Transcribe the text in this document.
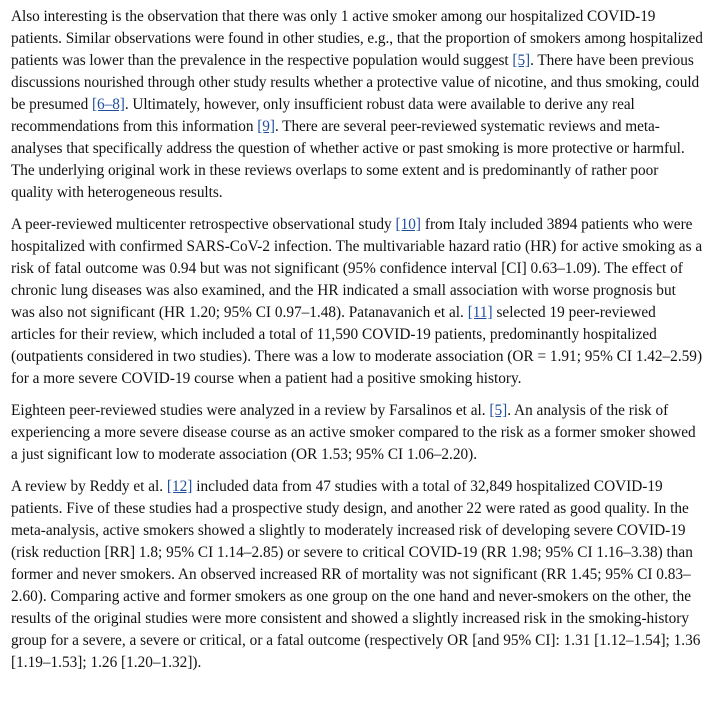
Also interesting is the observation that there was only 1 active smoker among our hospitalized COVID-19 patients. Similar observations were found in other studies, e.g., that the proportion of smokers among hospitalized patients was lower than the prevalence in the respective population would suggest [5]. There have been previous discussions nourished through other study results whether a protective value of nicotine, and thus smoking, could be presumed [6–8]. Ultimately, however, only insufficient robust data were available to derive any real recommendations from this information [9]. There are several peer-reviewed systematic reviews and meta-analyses that specifically address the question of whether active or past smoking is more protective or harmful. The underlying original work in these reviews overlaps to some extent and is predominantly of rather poor quality with heterogeneous results.

A peer-reviewed multicenter retrospective observational study [10] from Italy included 3894 patients who were hospitalized with confirmed SARS-CoV-2 infection. The multivariable hazard ratio (HR) for active smoking as a risk of fatal outcome was 0.94 but was not significant (95% confidence interval [CI] 0.63–1.09). The effect of chronic lung diseases was also examined, and the HR indicated a small association with worse prognosis but was also not significant (HR 1.20; 95% CI 0.97–1.48). Patanavanich et al. [11] selected 19 peer-reviewed articles for their review, which included a total of 11,590 COVID-19 patients, predominantly hospitalized (outpatients considered in two studies). There was a low to moderate association (OR = 1.91; 95% CI 1.42–2.59) for a more severe COVID-19 course when a patient had a positive smoking history.

Eighteen peer-reviewed studies were analyzed in a review by Farsalinos et al. [5]. An analysis of the risk of experiencing a more severe disease course as an active smoker compared to the risk as a former smoker showed a just significant low to moderate association (OR 1.53; 95% CI 1.06–2.20).

A review by Reddy et al. [12] included data from 47 studies with a total of 32,849 hospitalized COVID-19 patients. Five of these studies had a prospective study design, and another 22 were rated as good quality. In the meta-analysis, active smokers showed a slightly to moderately increased risk of developing severe COVID-19 (risk reduction [RR] 1.8; 95% CI 1.14–2.85) or severe to critical COVID-19 (RR 1.98; 95% CI 1.16–3.38) than former and never smokers. An observed increased RR of mortality was not significant (RR 1.45; 95% CI 0.83–2.60). Comparing active and former smokers as one group on the one hand and never-smokers on the other, the results of the original studies were more consistent and showed a slightly increased risk in the smoking-history group for a severe, a severe or critical, or a fatal outcome (respectively OR [and 95% CI]: 1.31 [1.12–1.54]; 1.36 [1.19–1.53]; 1.26 [1.20–1.32]).
